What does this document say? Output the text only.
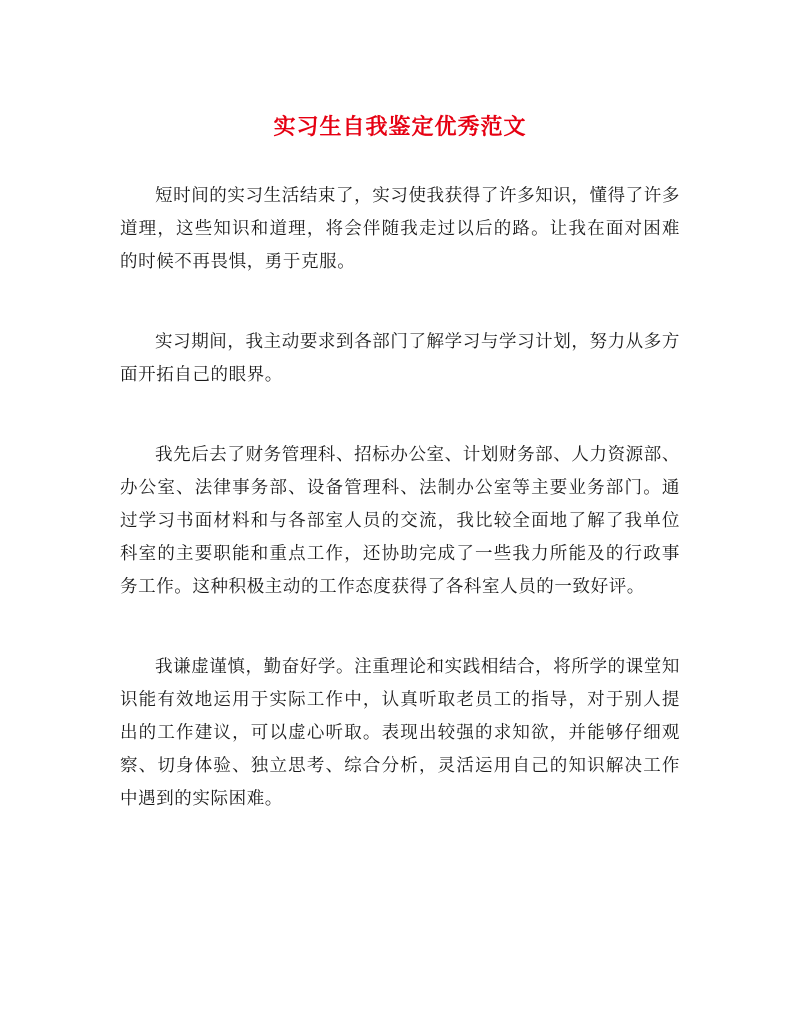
实习生自我鉴定优秀范文

短时间的实习生活结束了，实习使我获得了许多知识，懂得了许多道理，这些知识和道理，将会伴随我走过以后的路。让我在面对困难的时候不再畏惧，勇于克服。

实习期间，我主动要求到各部门了解学习与学习计划，努力从多方面开拓自己的眼界。

我先后去了财务管理科、招标办公室、计划财务部、人力资源部、办公室、法律事务部、设备管理科、法制办公室等主要业务部门。通过学习书面材料和与各部室人员的交流，我比较全面地了解了我单位科室的主要职能和重点工作，还协助完成了一些我力所能及的行政事务工作。这种积极主动的工作态度获得了各科室人员的一致好评。

我谦虚谨慎，勤奋好学。注重理论和实践相结合，将所学的课堂知识能有效地运用于实际工作中，认真听取老员工的指导，对于别人提出的工作建议，可以虚心听取。表现出较强的求知欲，并能够仔细观察、切身体验、独立思考、综合分析，灵活运用自己的知识解决工作中遇到的实际困难。
